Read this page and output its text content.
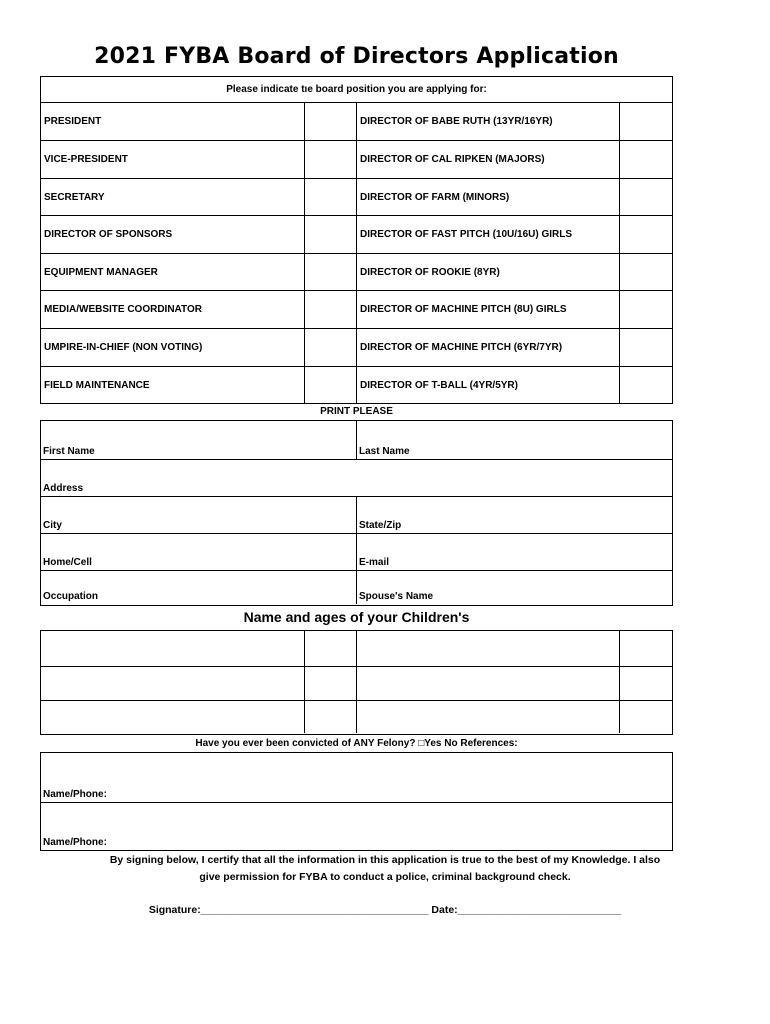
2021 FYBA Board of Directors Application
Please indicate tıe board position you are applying for:
PRESIDENT	DIRECTOR OF BABE RUTH (13YR/16YR)
VICE-PRESIDENT	DIRECTOR OF CAL RIPKEN (MAJORS)
SECRETARY	DIRECTOR OF FARM (MINORS)
DIRECTOR OF SPONSORS	DIRECTOR OF FAST PITCH (10U/16U) GIRLS
EQUIPMENT MANAGER	DIRECTOR OF ROOKIE (8YR)
MEDIA/WEBSITE COORDINATOR	DIRECTOR OF MACHINE PITCH (8U) GIRLS
UMPIRE-IN-CHIEF (NON VOTING)	DIRECTOR OF MACHINE PITCH (6YR/7YR)
FIELD MAINTENANCE	DIRECTOR OF T-BALL (4YR/5YR)
PRINT PLEASE
First Name	Last Name
Address
City	State/Zip
Home/Cell	E-mail
Occupation	Spouse's Name
Name and ages of your Children's
Have you ever been convicted of ANY Felony? □Yes No References:
Name/Phone:
Name/Phone:
By signing below, I certify that all the information in this application is true to the best of my Knowledge. I also
give permission for FYBA to conduct a police, criminal background check.
Signature:_______________________________________ Date:____________________________
